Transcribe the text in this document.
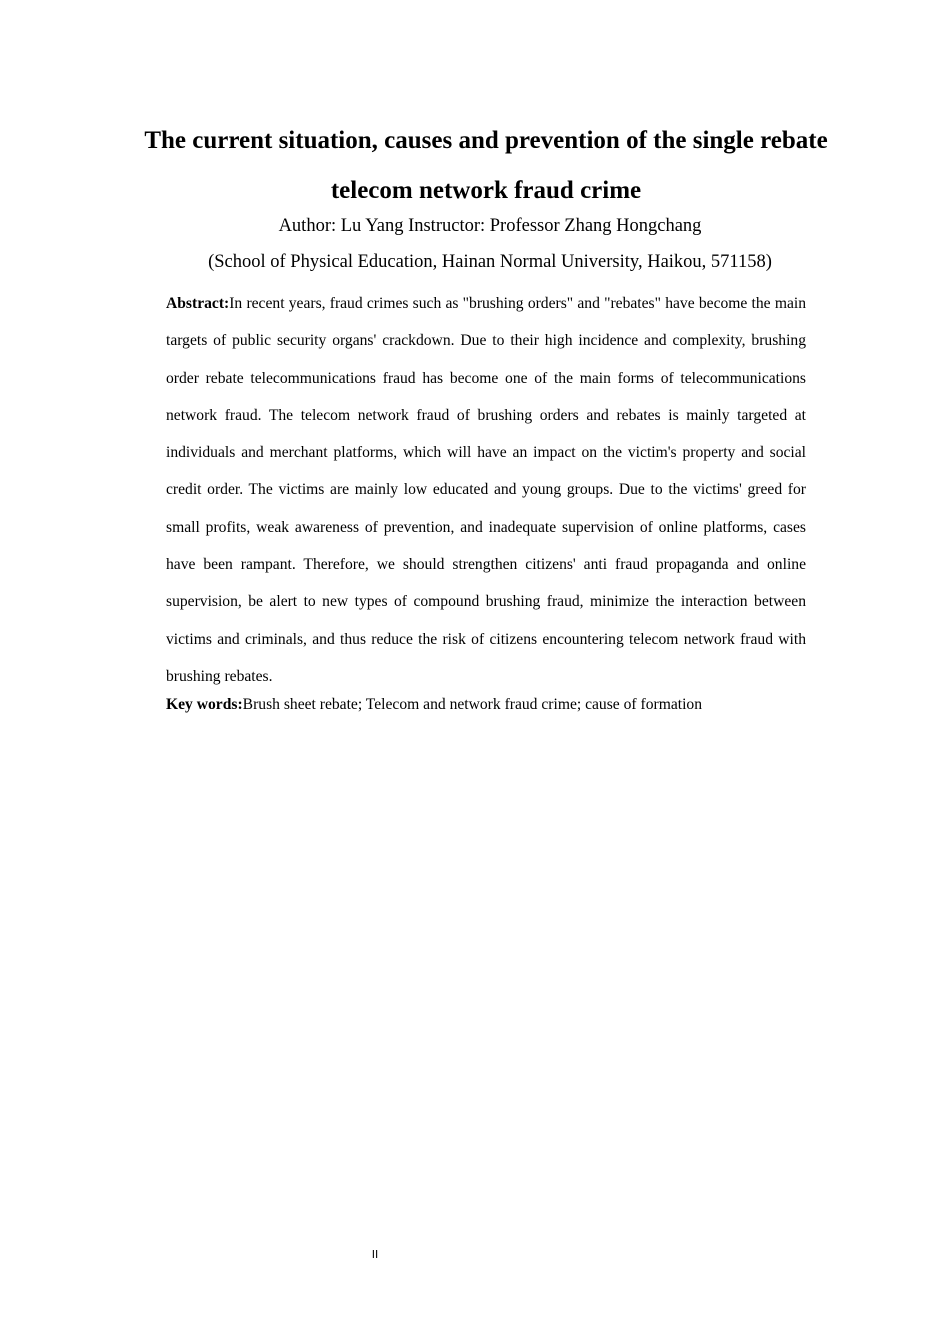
The current situation, causes and prevention of the single rebate telecom network fraud crime

Author: Lu Yang Instructor: Professor Zhang Hongchang

(School of Physical Education, Hainan Normal University, Haikou, 571158)

Abstract:In recent years, fraud crimes such as "brushing orders" and "rebates" have become the main targets of public security organs' crackdown. Due to their high incidence and complexity, brushing order rebate telecommunications fraud has become one of the main forms of telecommunications network fraud. The telecom network fraud of brushing orders and rebates is mainly targeted at individuals and merchant platforms, which will have an impact on the victim's property and social credit order. The victims are mainly low educated and young groups. Due to the victims' greed for small profits, weak awareness of prevention, and inadequate supervision of online platforms, cases have been rampant. Therefore, we should strengthen citizens' anti fraud propaganda and online supervision, be alert to new types of compound brushing fraud, minimize the interaction between victims and criminals, and thus reduce the risk of citizens encountering telecom network fraud with brushing rebates.

Key words:Brush sheet rebate; Telecom and network fraud crime; cause of formation

II
